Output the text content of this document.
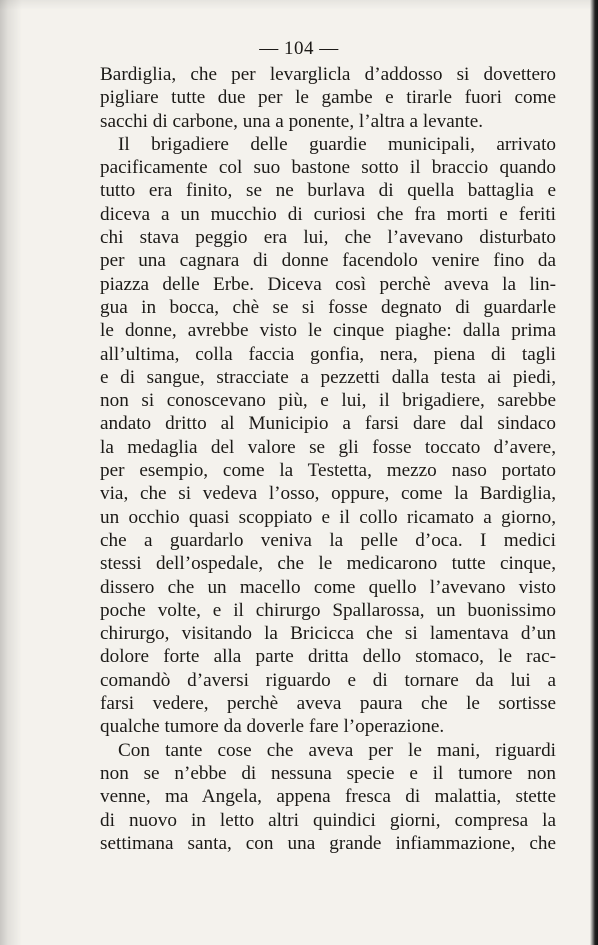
— 104 —
Bardiglia, che per levarglicla d’addosso si dovettero
pigliare tutte due per le gambe e tirarle fuori come
sacchi di carbone, una a ponente, l’altra a levante.
Il brigadiere delle guardie municipali, arrivato
pacificamente col suo bastone sotto il braccio quando
tutto era finito, se ne burlava di quella battaglia e
diceva a un mucchio di curiosi che fra morti e feriti
chi stava peggio era lui, che l’avevano disturbato
per una cagnara di donne facendolo venire fino da
piazza delle Erbe. Diceva così perchè aveva la lin-
gua in bocca, chè se si fosse degnato di guardarle
le donne, avrebbe visto le cinque piaghe: dalla prima
all’ultima, colla faccia gonfia, nera, piena di tagli
e di sangue, stracciate a pezzetti dalla testa ai piedi,
non si conoscevano più, e lui, il brigadiere, sarebbe
andato dritto al Municipio a farsi dare dal sindaco
la medaglia del valore se gli fosse toccato d’avere,
per esempio, come la Testetta, mezzo naso portato
via, che si vedeva l’osso, oppure, come la Bardiglia,
un occhio quasi scoppiato e il collo ricamato a giorno,
che a guardarlo veniva la pelle d’oca. I medici
stessi dell’ospedale, che le medicarono tutte cinque,
dissero che un macello come quello l’avevano visto
poche volte, e il chirurgo Spallarossa, un buonissimo
chirurgo, visitando la Bricicca che si lamentava d’un
dolore forte alla parte dritta dello stomaco, le rac-
comandò d’aversi riguardo e di tornare da lui a
farsi vedere, perchè aveva paura che le sortisse
qualche tumore da doverle fare l’operazione.
Con tante cose che aveva per le mani, riguardi
non se n’ebbe di nessuna specie e il tumore non
venne, ma Angela, appena fresca di malattia, stette
di nuovo in letto altri quindici giorni, compresa la
settimana santa, con una grande infiammazione, che
